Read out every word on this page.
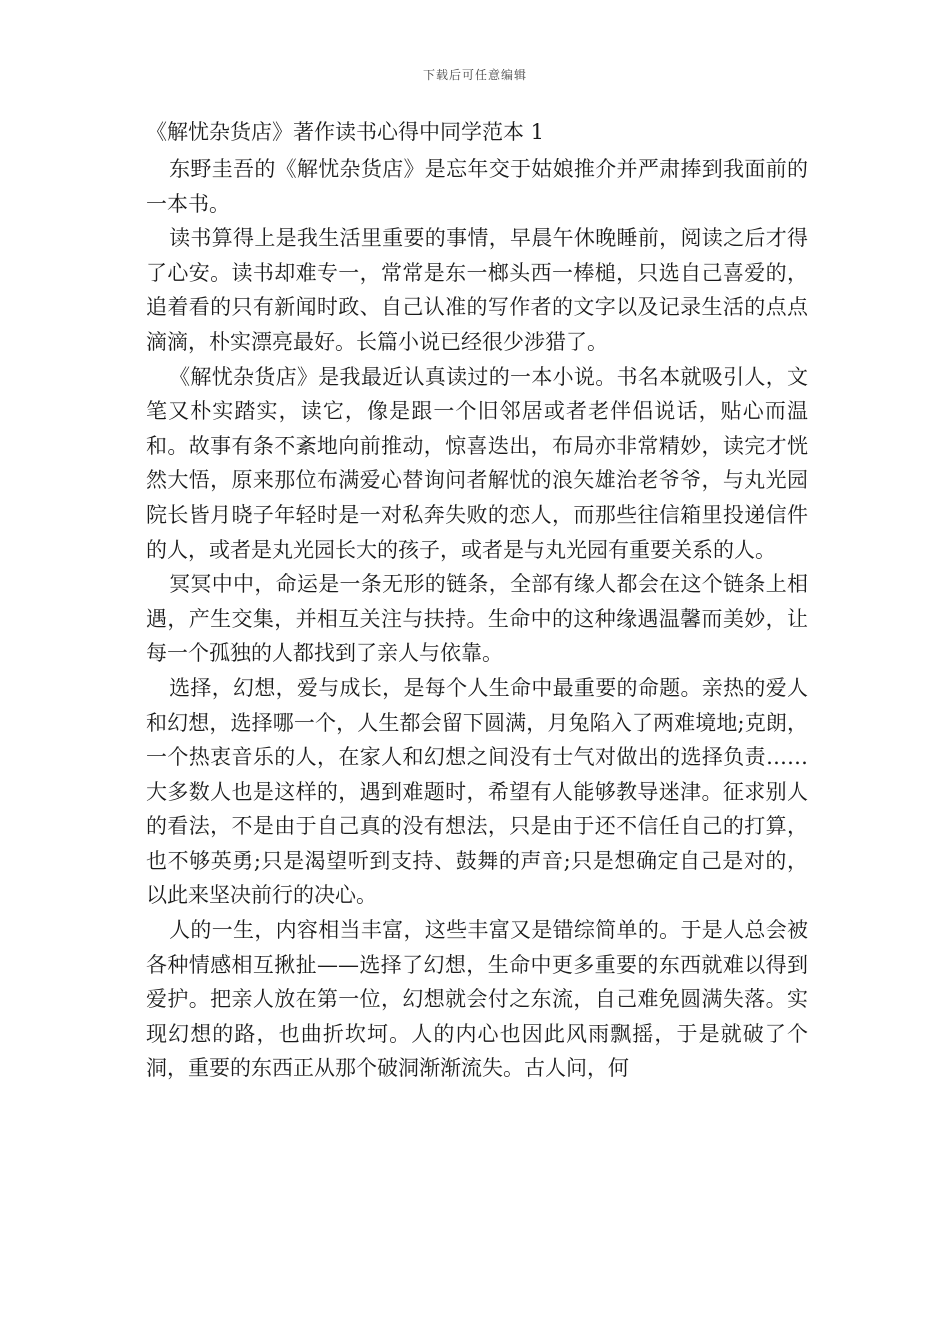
下载后可任意编辑
《解忧杂货店》著作读书心得中同学范本 1

东野圭吾的《解忧杂货店》是忘年交于姑娘推介并严肃捧到我面前的一本书。

读书算得上是我生活里重要的事情，早晨午休晚睡前，阅读之后才得了心安。读书却难专一，常常是东一榔头西一棒槌，只选自己喜爱的，追着看的只有新闻时政、自己认准的写作者的文字以及记录生活的点点滴滴，朴实漂亮最好。长篇小说已经很少涉猎了。

《解忧杂货店》是我最近认真读过的一本小说。书名本就吸引人，文笔又朴实踏实，读它，像是跟一个旧邻居或者老伴侣说话，贴心而温和。故事有条不紊地向前推动，惊喜迭出，布局亦非常精妙，读完才恍然大悟，原来那位布满爱心替询问者解忧的浪矢雄治老爷爷，与丸光园院长皆月晓子年轻时是一对私奔失败的恋人，而那些往信箱里投递信件的人，或者是丸光园长大的孩子，或者是与丸光园有重要关系的人。

冥冥中中，命运是一条无形的链条，全部有缘人都会在这个链条上相遇，产生交集，并相互关注与扶持。生命中的这种缘遇温馨而美妙，让每一个孤独的人都找到了亲人与依靠。

选择，幻想，爱与成长，是每个人生命中最重要的命题。亲热的爱人和幻想，选择哪一个，人生都会留下圆满，月兔陷入了两难境地;克朗，一个热衷音乐的人，在家人和幻想之间没有士气对做出的选择负责……大多数人也是这样的，遇到难题时，希望有人能够教导迷津。征求别人的看法，不是由于自己真的没有想法，只是由于还不信任自己的打算，也不够英勇;只是渴望听到支持、鼓舞的声音;只是想确定自己是对的，以此来坚决前行的决心。

人的一生，内容相当丰富，这些丰富又是错综简单的。于是人总会被各种情感相互揪扯——选择了幻想，生命中更多重要的东西就难以得到爱护。把亲人放在第一位，幻想就会付之东流，自己难免圆满失落。实现幻想的路，也曲折坎坷。人的内心也因此风雨飘摇，于是就破了个洞，重要的东西正从那个破洞渐渐流失。古人问，何
